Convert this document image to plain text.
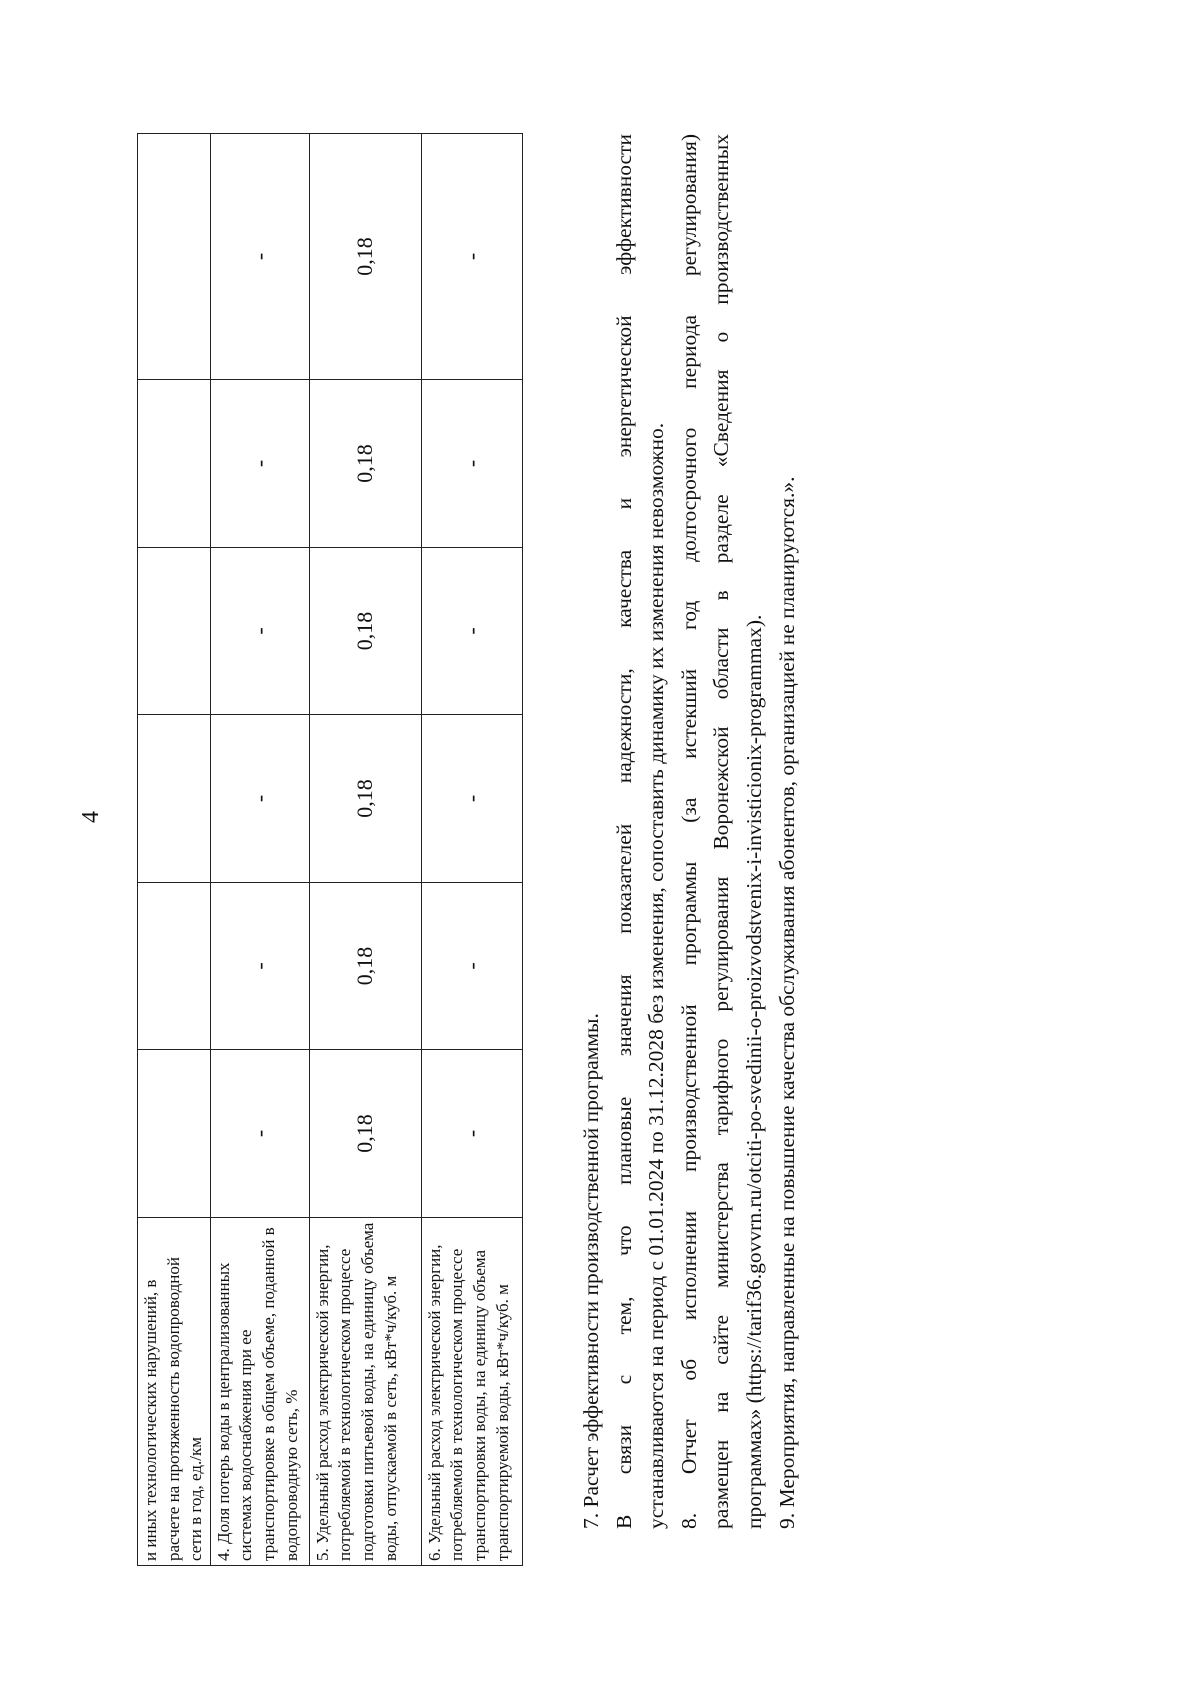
4
и иных технологических нарушений, в расчете на протяженность водопроводной сети в год, ед./км						
4. Доля потерь воды в централизованных системах водоснабжения при ее транспортировке в общем объеме, поданной в водопроводную сеть, %	-	-	-	-	-	-
5. Удельный расход электрической энергии, потребляемой в технологическом процессе подготовки питьевой воды, на единицу объема воды, отпускаемой в сеть, кВт*ч/куб. м	0,18	0,18	0,18	0,18	0,18	0,18
6. Удельный расход электрической энергии, потребляемой в технологическом процессе транспортировки воды, на единицу объема транспортируемой воды, кВт*ч/куб. м	-	-	-	-	-	-

7. Расчет эффективности производственной программы. В связи с тем, что плановые значения показателей надежности, качества и энергетической эффективности устанавливаются на период с 01.01.2024 по 31.12.2028 без изменения, сопоставить динамику их изменения невозможно. 8. Отчет об исполнении производственной программы (за истекший год долгосрочного периода регулирования) размещен на сайте министерства тарифного регулирования Воронежской области в разделе «Сведения о производственных программах» (https://tarif36.govvrn.ru/otciti-po-svedinii-o-proizvodstvenix-i-invisticionix-programmax). 9. Мероприятия, направленные на повышение качества обслуживания абонентов, организацией не планируются.».
